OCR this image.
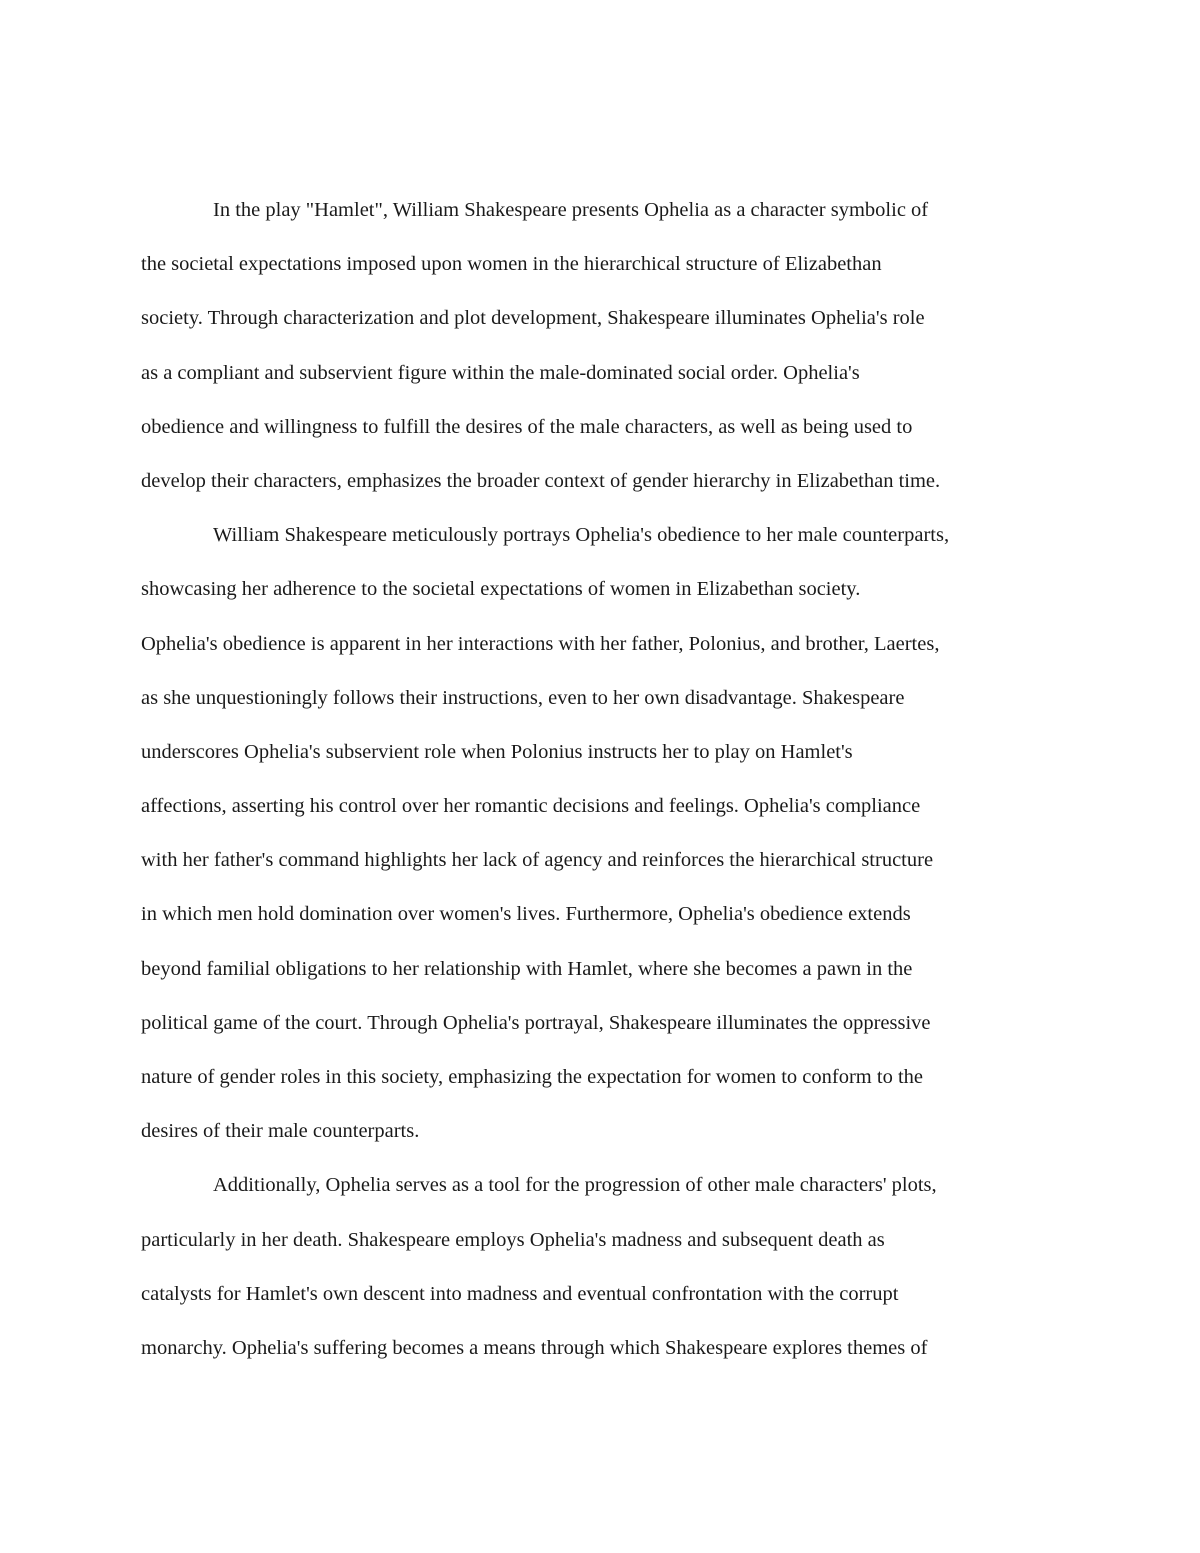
In the play "Hamlet", William Shakespeare presents Ophelia as a character symbolic of
the societal expectations imposed upon women in the hierarchical structure of Elizabethan
society. Through characterization and plot development, Shakespeare illuminates Ophelia's role
as a compliant and subservient figure within the male-dominated social order. Ophelia's
obedience and willingness to fulfill the desires of the male characters, as well as being used to
develop their characters, emphasizes the broader context of gender hierarchy in Elizabethan time.
William Shakespeare meticulously portrays Ophelia's obedience to her male counterparts,
showcasing her adherence to the societal expectations of women in Elizabethan society.
Ophelia's obedience is apparent in her interactions with her father, Polonius, and brother, Laertes,
as she unquestioningly follows their instructions, even to her own disadvantage. Shakespeare
underscores Ophelia's subservient role when Polonius instructs her to play on Hamlet's
affections, asserting his control over her romantic decisions and feelings. Ophelia's compliance
with her father's command highlights her lack of agency and reinforces the hierarchical structure
in which men hold domination over women's lives. Furthermore, Ophelia's obedience extends
beyond familial obligations to her relationship with Hamlet, where she becomes a pawn in the
political game of the court. Through Ophelia's portrayal, Shakespeare illuminates the oppressive
nature of gender roles in this society, emphasizing the expectation for women to conform to the
desires of their male counterparts.
Additionally, Ophelia serves as a tool for the progression of other male characters' plots,
particularly in her death. Shakespeare employs Ophelia's madness and subsequent death as
catalysts for Hamlet's own descent into madness and eventual confrontation with the corrupt
monarchy. Ophelia's suffering becomes a means through which Shakespeare explores themes of
